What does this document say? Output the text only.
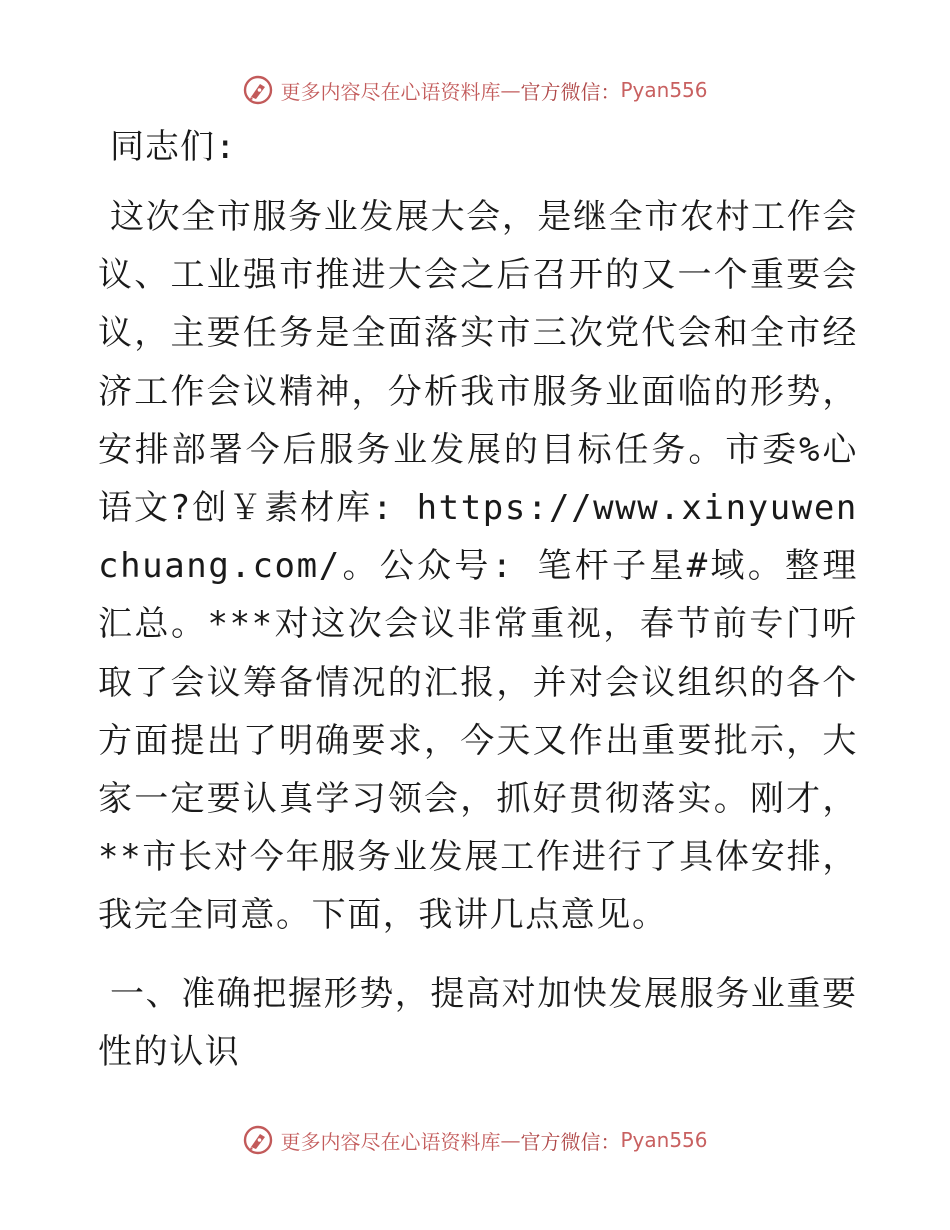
更多内容尽在心语资料库 — 官方微信： Pyan556

同志们:

这次全市服务业发展大会，是继全市农村工作会议、工业强市推进大会之后召开的又一个重要会议，主要任务是全面落实市三次党代会和全市经济工作会议精神，分析我市服务业面临的形势，安排部署今后服务业发展的目标任务。市委%心语文?创￥素材库: https://www.xinyuwenchuang.com/。公众号: 笔杆子星#域。整理汇总。***对这次会议非常重视，春节前专门听取了会议筹备情况的汇报，并对会议组织的各个方面提出了明确要求，今天又作出重要批示，大家一定要认真学习领会，抓好贯彻落实。刚才，**市长对今年服务业发展工作进行了具体安排，我完全同意。下面，我讲几点意见。

一、准确把握形势，提高对加快发展服务业重要性的认识

更多内容尽在心语资料库 — 官方微信： Pyan556
